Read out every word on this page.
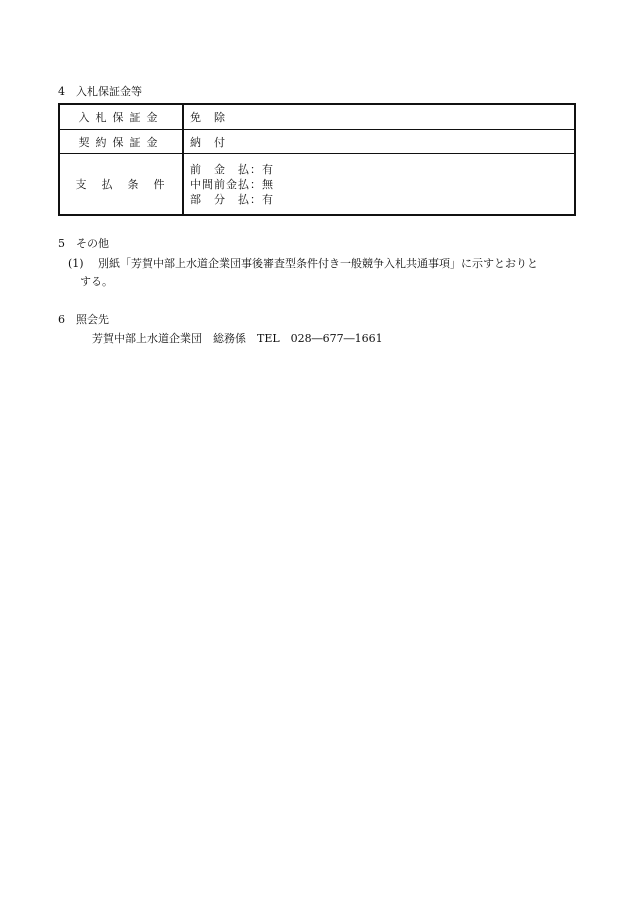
4 入札保証金等
入札保証金	免　除
契約保証金	納　付
支　払　条　件	前　金　払：有
中間前金払：無
部　分　払：有
5 その他
(1) 別紙「芳賀中部上水道企業団事後審査型条件付き一般競争入札共通事項」に示すとおりと
する。
6 照会先
芳賀中部上水道企業団　総務係　TEL　028―677―1661
